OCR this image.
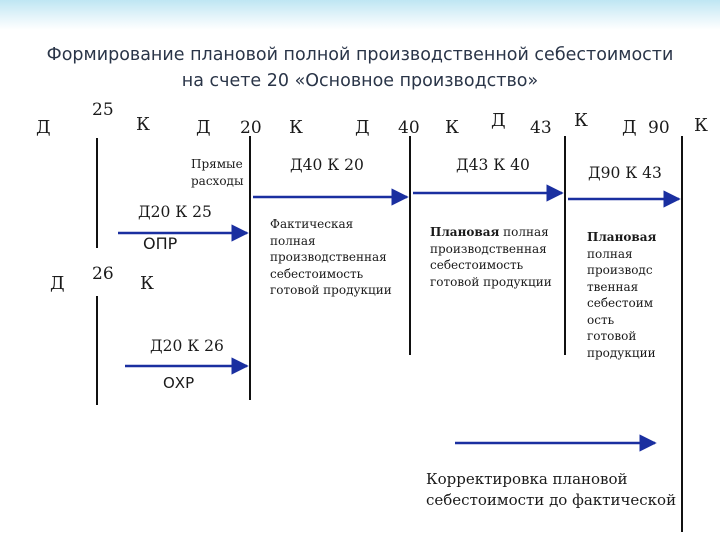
Формирование плановой полной производственной себестоимости
на счете 20 «Основное производство»
Д
25
К	Д 20 К	Д 40 К Д 43 К Д 90 К
Д 26 К
Прямые расходы
Д20 К 25
ОПР
Д20 К 26
ОХР
Д40 К 20	Д43 К 40	Д90 К 43
Фактическая полная производственная себестоимость готовой продукции
Плановая полная производственная себестоимость готовой продукции
Плановая полная производс твенная себестоим ость готовой продукции
Корректировка плановой себестоимости до фактической
